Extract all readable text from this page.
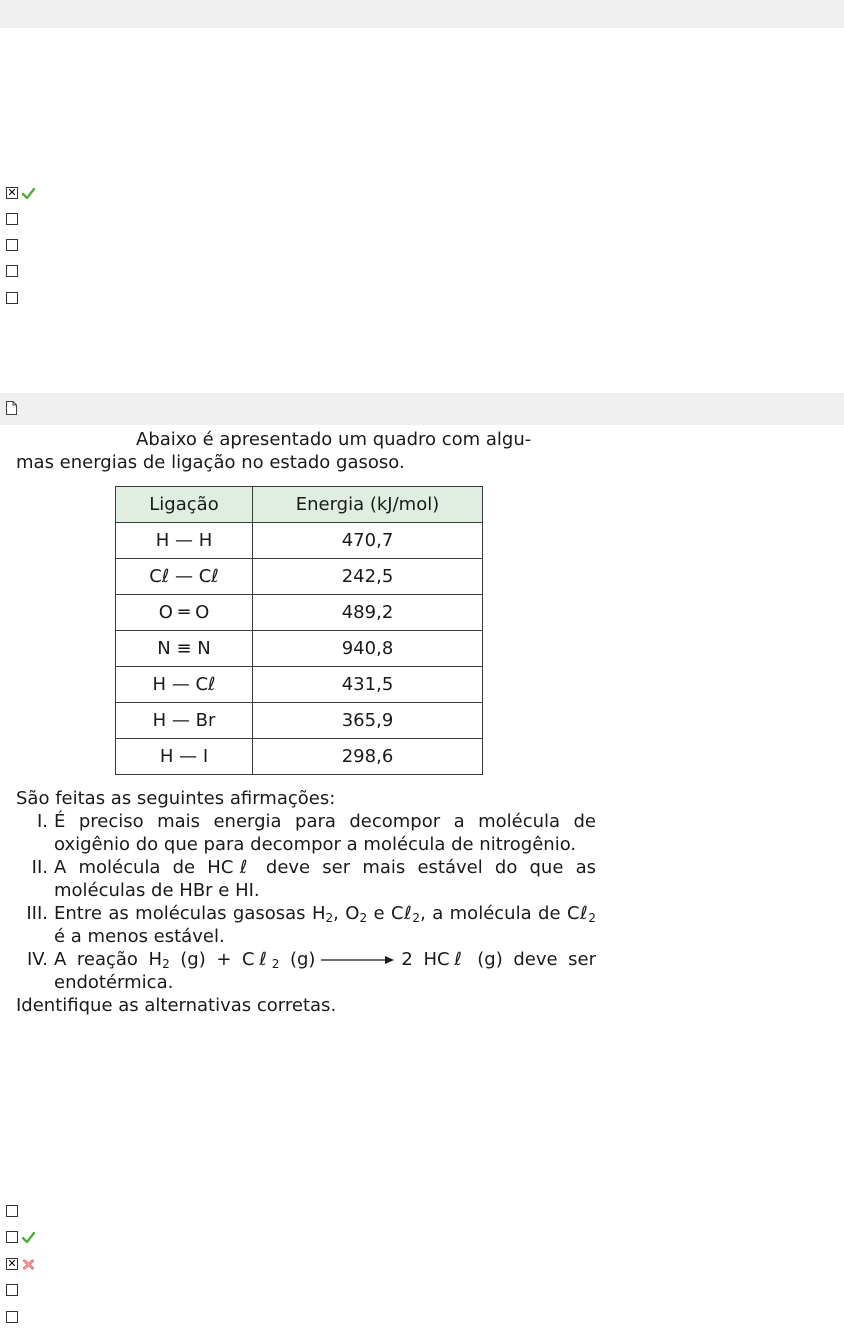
✕

Abaixo é apresentado um quadro com algu-
mas energias de ligação no estado gasoso.

Ligação	Energia (kJ/mol)
H — H	470,7
Cℓ — Cℓ	242,5
O ═ O	489,2
N ≡ N	940,8
H — Cℓ	431,5
H — Br	365,9
H — I	298,6
São feitas as seguintes afirmações:
I. É preciso mais energia para decompor a molécula de oxigênio do que para decompor a molécula de nitrogênio.
II. A molécula de HCℓ deve ser mais estável do que as moléculas de HBr e HI.
III. Entre as moléculas gasosas $H_2$, $O_2$ e Cℓ$_2$, a molécula de Cℓ$_2$ é a menos estável.
IV. A reação $H_2$ (g) + Cℓ$_2$ (g)	2 HCℓ (g) deve ser endotérmica.
Identifique as alternativas corretas.
✕
